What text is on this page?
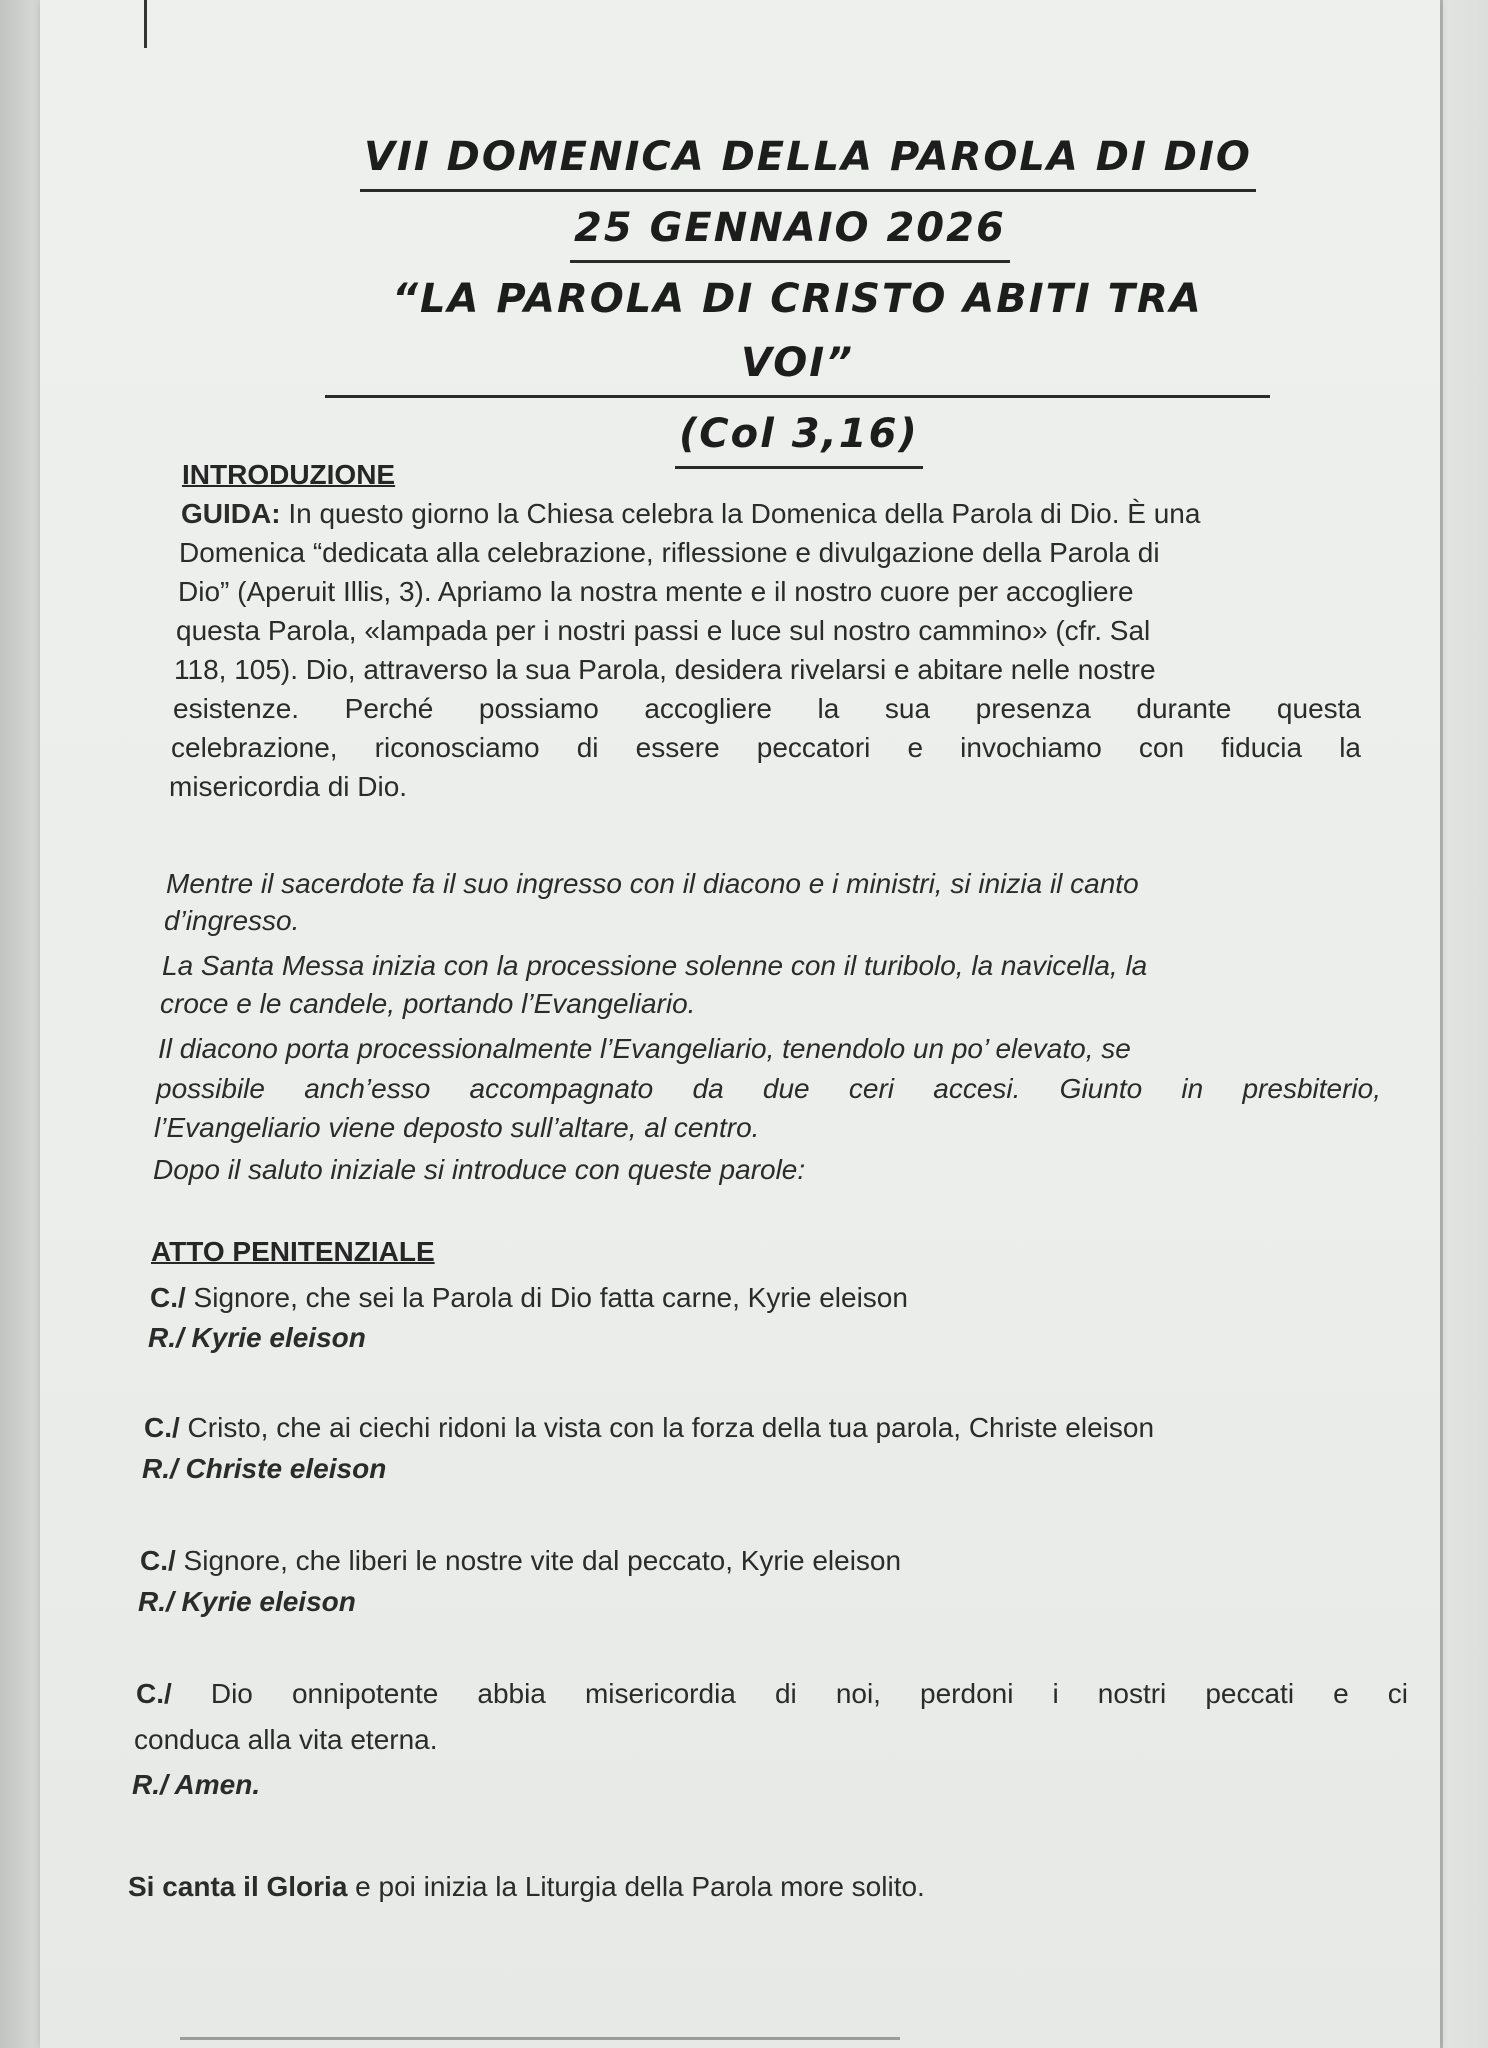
VII DOMENICA DELLA PAROLA DI DIO
25 GENNAIO 2026
“LA PAROLA DI CRISTO ABITI TRA VOI”
(Col 3,16)
INTRODUZIONE
GUIDA: In questo giorno la Chiesa celebra la Domenica della Parola di Dio. È una
Domenica “dedicata alla celebrazione, riflessione e divulgazione della Parola di
Dio” (Aperuit Illis, 3). Apriamo la nostra mente e il nostro cuore per accogliere
questa Parola, «lampada per i nostri passi e luce sul nostro cammino» (cfr. Sal
118, 105). Dio, attraverso la sua Parola, desidera rivelarsi e abitare nelle nostre
esistenze. Perché possiamo accogliere la sua presenza durante questa
celebrazione, riconosciamo di essere peccatori e invochiamo con fiducia la
misericordia di Dio.
Mentre il sacerdote fa il suo ingresso con il diacono e i ministri, si inizia il canto
d’ingresso.
La Santa Messa inizia con la processione solenne con il turibolo, la navicella, la
croce e le candele, portando l’Evangeliario.
Il diacono porta processionalmente l’Evangeliario, tenendolo un po’ elevato, se
possibile anch’esso accompagnato da due ceri accesi. Giunto in presbiterio,
l’Evangeliario viene deposto sull’altare, al centro.
Dopo il saluto iniziale si introduce con queste parole:
ATTO PENITENZIALE
C./ Signore, che sei la Parola di Dio fatta carne, Kyrie eleison
R./ Kyrie eleison
C./ Cristo, che ai ciechi ridoni la vista con la forza della tua parola, Christe eleison
R./ Christe eleison
C./ Signore, che liberi le nostre vite dal peccato, Kyrie eleison
R./ Kyrie eleison
C./ Dio onnipotente abbia misericordia di noi, perdoni i nostri peccati e ci
conduca alla vita eterna.
R./ Amen.
Si canta il Gloria e poi inizia la Liturgia della Parola more solito.
